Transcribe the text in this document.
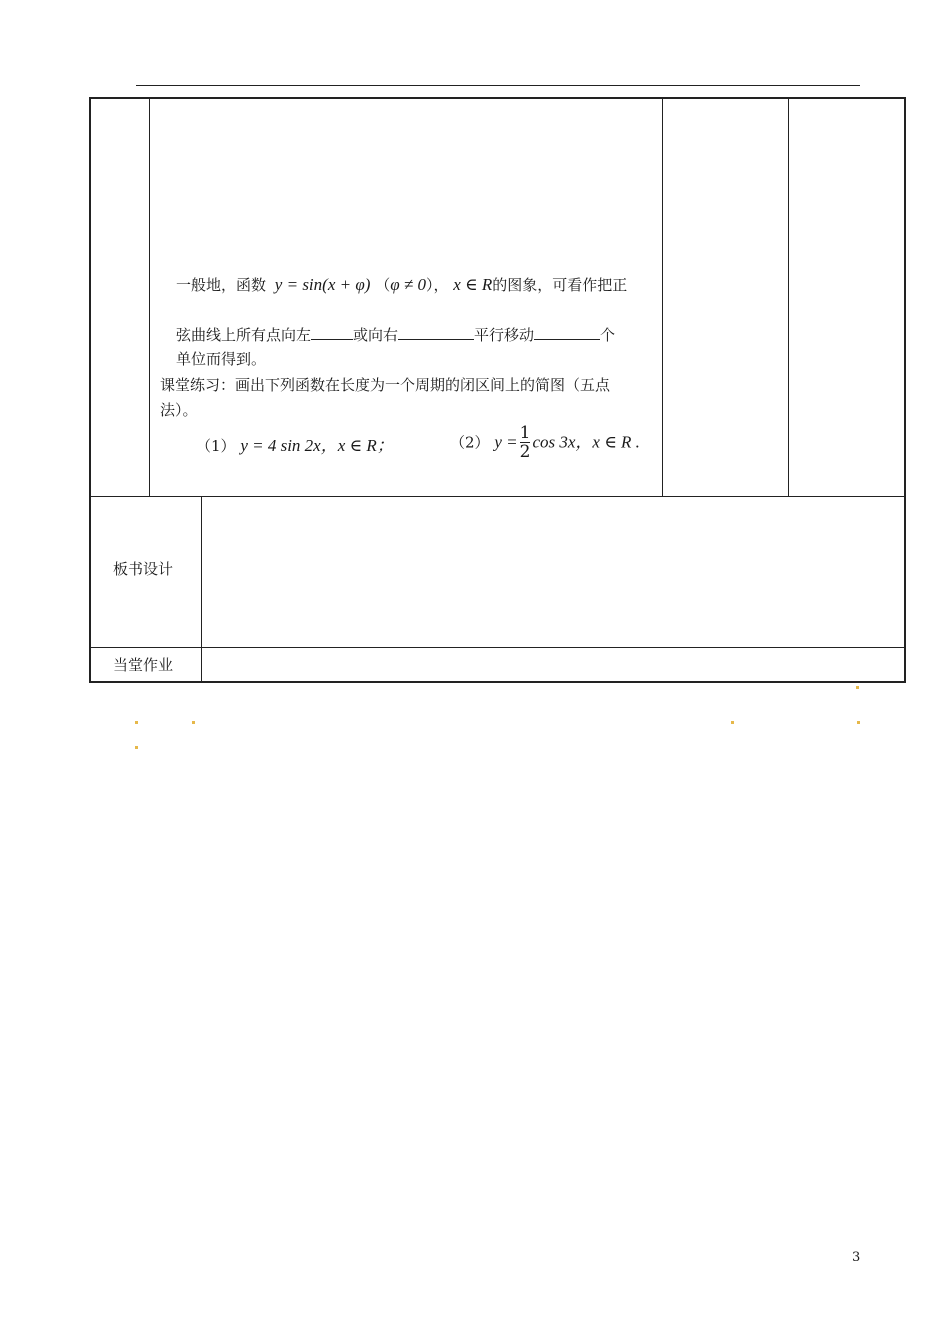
一般地，函数 y = sin(x + φ) （φ ≠ 0）， x ∈ R的图象，可看作把正
弦曲线上所有点向左	或向右	平行移动	个
单位而得到。
课堂练习：画出下列函数在长度为一个周期的闭区间上的简图（五点
法）。
（1） y = 4 sin 2x，x ∈ R；	（2） $y = \frac{1}{2}$ cos 3x，x ∈ R .
板书设计
当堂作业
3
